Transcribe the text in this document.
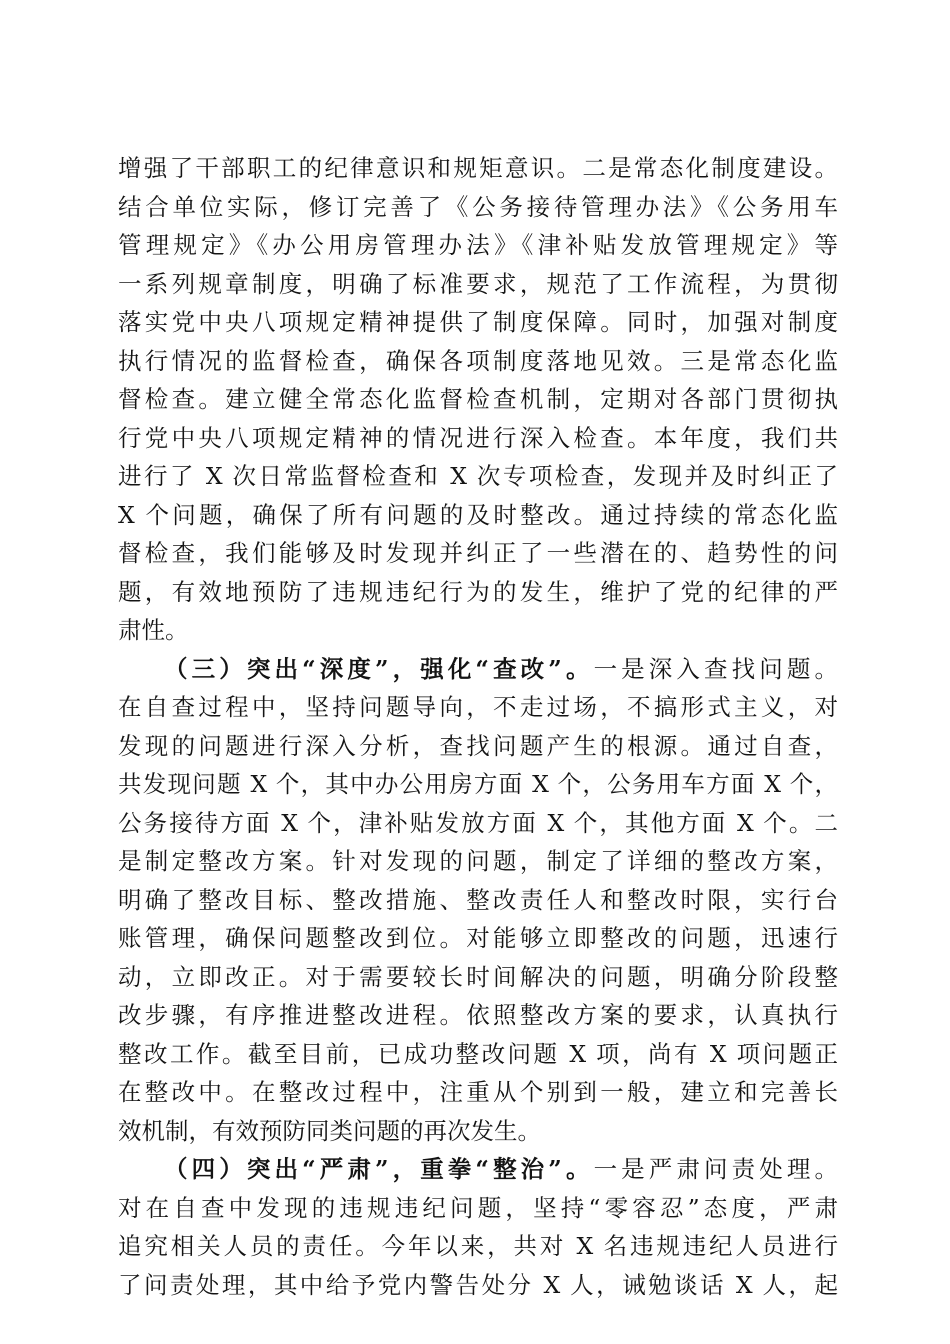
增强了干部职工的纪律意识和规矩意识。二是常态化制度建设。
结合单位实际，修订完善了《公务接待管理办法》《公务用车
管理规定》《办公用房管理办法》《津补贴发放管理规定》等
一系列规章制度，明确了标准要求，规范了工作流程，为贯彻
落实党中央八项规定精神提供了制度保障。同时，加强对制度
执行情况的监督检查，确保各项制度落地见效。三是常态化监
督检查。建立健全常态化监督检查机制，定期对各部门贯彻执
行党中央八项规定精神的情况进行深入检查。本年度，我们共
进行了 X 次日常监督检查和 X 次专项检查，发现并及时纠正了
X 个问题，确保了所有问题的及时整改。通过持续的常态化监
督检查，我们能够及时发现并纠正了一些潜在的、趋势性的问
题，有效地预防了违规违纪行为的发生，维护了党的纪律的严
肃性。
（三）突出“深度”，强化“查改”。一是深入查找问题。
在自查过程中，坚持问题导向，不走过场，不搞形式主义，对
发现的问题进行深入分析，查找问题产生的根源。通过自查，
共发现问题 X 个，其中办公用房方面 X 个，公务用车方面 X 个，
公务接待方面 X 个，津补贴发放方面 X 个，其他方面 X 个。二
是制定整改方案。针对发现的问题，制定了详细的整改方案，
明确了整改目标、整改措施、整改责任人和整改时限，实行台
账管理，确保问题整改到位。对能够立即整改的问题，迅速行
动，立即改正。对于需要较长时间解决的问题，明确分阶段整
改步骤，有序推进整改进程。依照整改方案的要求，认真执行
整改工作。截至目前，已成功整改问题 X 项，尚有 X 项问题正
在整改中。在整改过程中，注重从个别到一般，建立和完善长
效机制，有效预防同类问题的再次发生。
（四）突出“严肃”，重拳“整治”。一是严肃问责处理。
对在自查中发现的违规违纪问题，坚持“零容忍”态度，严肃
追究相关人员的责任。今年以来，共对 X 名违规违纪人员进行
了问责处理，其中给予党内警告处分 X 人，诫勉谈话 X 人，起
